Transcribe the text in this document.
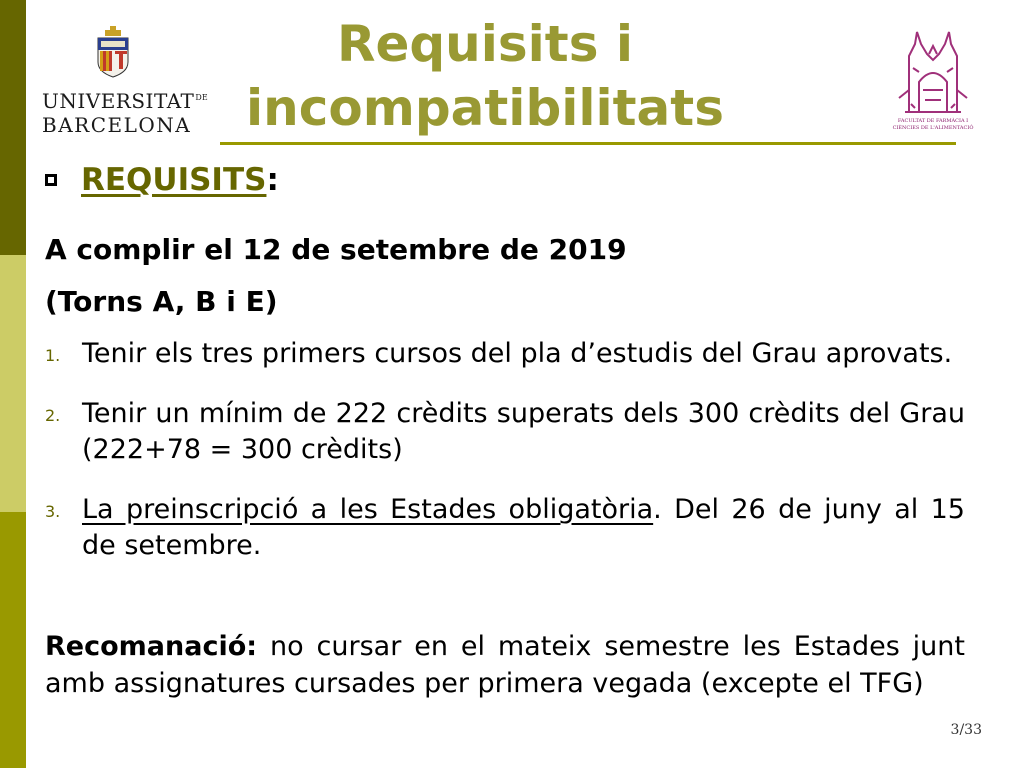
$UNIVERSITAT^{DE}$
BARCELONA
Requisits i
incompatibilitats	FACULTAT DE FARMÀCIA I
CIÈNCIES DE L'ALIMENTACIÓ
REQUISITS:
A complir el 12 de setembre de 2019
(Torns A, B i E)
1. Tenir els tres primers cursos del pla d’estudis del Grau aprovats.
2. Tenir un mínim de 222 crèdits superats dels 300 crèdits del Grau (222+78 = 300 crèdits)
3. La preinscripció a les Estades obligatòria. Del 26 de juny al 15 de setembre.
Recomanació: no cursar en el mateix semestre les Estades junt amb assignatures cursades per primera vegada (excepte el TFG)
3/33
